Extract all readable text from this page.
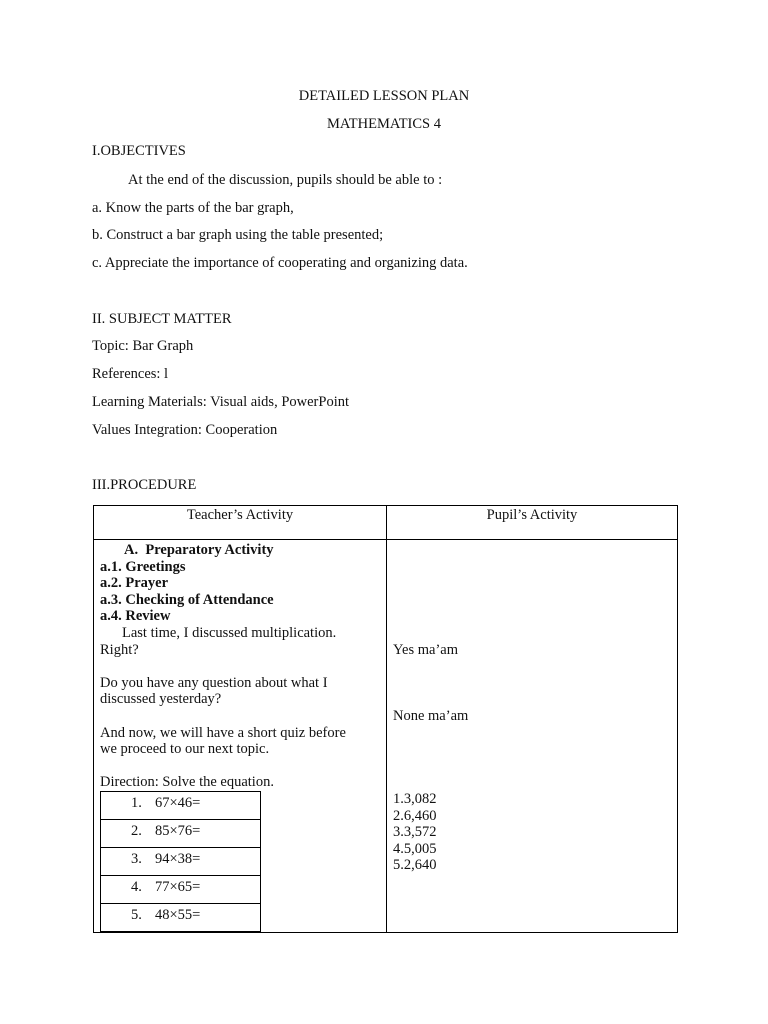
DETAILED LESSON PLAN
MATHEMATICS 4
I.OBJECTIVES
At the end of the discussion, pupils should be able to :
a. Know the parts of the bar graph,
b. Construct a bar graph using the table presented;
c. Appreciate the importance of cooperating and organizing data.
II. SUBJECT MATTER
Topic: Bar Graph
References: l
Learning Materials: Visual aids, PowerPoint
Values Integration: Cooperation
III.PROCEDURE
Teacher’s Activity	Pupil’s Activity
A. Preparatory Activity
a.1. Greetings
a.2. Prayer
a.3. Checking of Attendance
a.4. Review
Last time, I discussed multiplication.
Right?
Do you have any question about what I
discussed yesterday?
And now, we will have a short quiz before
we proceed to our next topic.
Direction: Solve the equation.
Yes ma’am
None ma’am
1.3,082
2.6,460
3.3,572
4.5,005
5.2,640
1. 67×46=
2. 85×76=
3. 94×38=
4. 77×65=
5. 48×55=
